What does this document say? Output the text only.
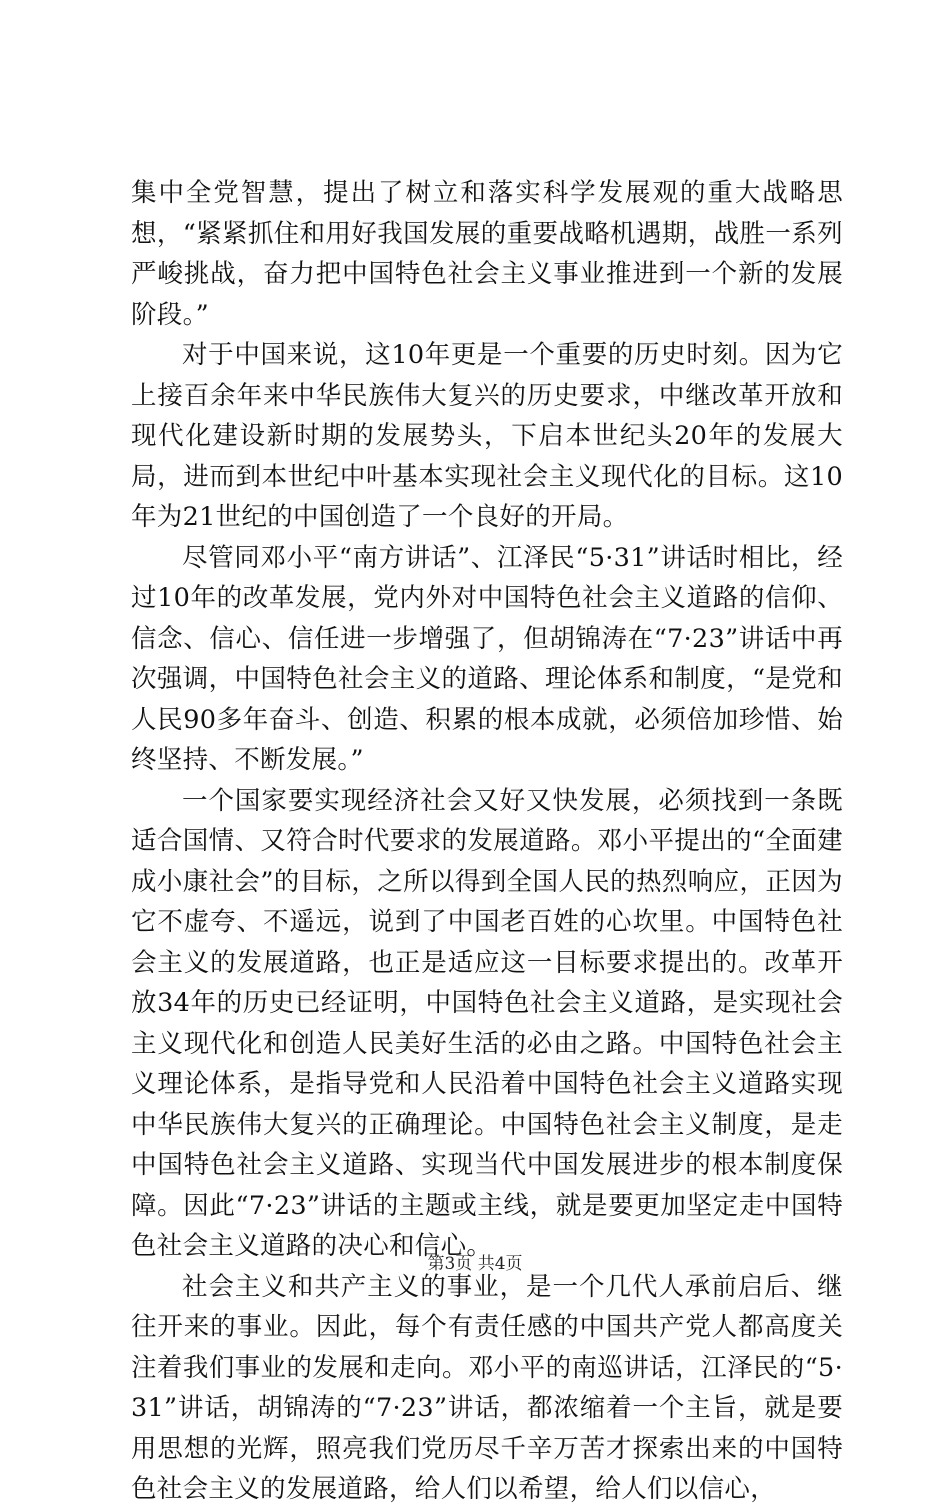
集中全党智慧，提出了树立和落实科学发展观的重大战略思想，“紧紧抓住和用好我国发展的重要战略机遇期，战胜一系列严峻挑战，奋力把中国特色社会主义事业推进到一个新的发展阶段。”

对于中国来说，这10年更是一个重要的历史时刻。因为它上接百余年来中华民族伟大复兴的历史要求，中继改革开放和现代化建设新时期的发展势头，下启本世纪头20年的发展大局，进而到本世纪中叶基本实现社会主义现代化的目标。这10年为21世纪的中国创造了一个良好的开局。

尽管同邓小平“南方讲话”、江泽民“5·31”讲话时相比，经过10年的改革发展，党内外对中国特色社会主义道路的信仰、信念、信心、信任进一步增强了，但胡锦涛在“7·23”讲话中再次强调，中国特色社会主义的道路、理论体系和制度，“是党和人民90多年奋斗、创造、积累的根本成就，必须倍加珍惜、始终坚持、不断发展。”

一个国家要实现经济社会又好又快发展，必须找到一条既适合国情、又符合时代要求的发展道路。邓小平提出的“全面建成小康社会”的目标，之所以得到全国人民的热烈响应，正因为它不虚夸、不遥远，说到了中国老百姓的心坎里。中国特色社会主义的发展道路，也正是适应这一目标要求提出的。改革开放34年的历史已经证明，中国特色社会主义道路，是实现社会主义现代化和创造人民美好生活的必由之路。中国特色社会主义理论体系，是指导党和人民沿着中国特色社会主义道路实现中华民族伟大复兴的正确理论。中国特色社会主义制度，是走中国特色社会主义道路、实现当代中国发展进步的根本制度保障。因此“7·23”讲话的主题或主线，就是要更加坚定走中国特色社会主义道路的决心和信心。

社会主义和共产主义的事业，是一个几代人承前启后、继往开来的事业。因此，每个有责任感的中国共产党人都高度关注着我们事业的发展和走向。邓小平的南巡讲话，江泽民的“5·31”讲话，胡锦涛的“7·23”讲话，都浓缩着一个主旨，就是要用思想的光辉，照亮我们党历尽千辛万苦才探索出来的中国特色社会主义的发展道路，给人们以希望，给人们以信心，

第3页 共4页
